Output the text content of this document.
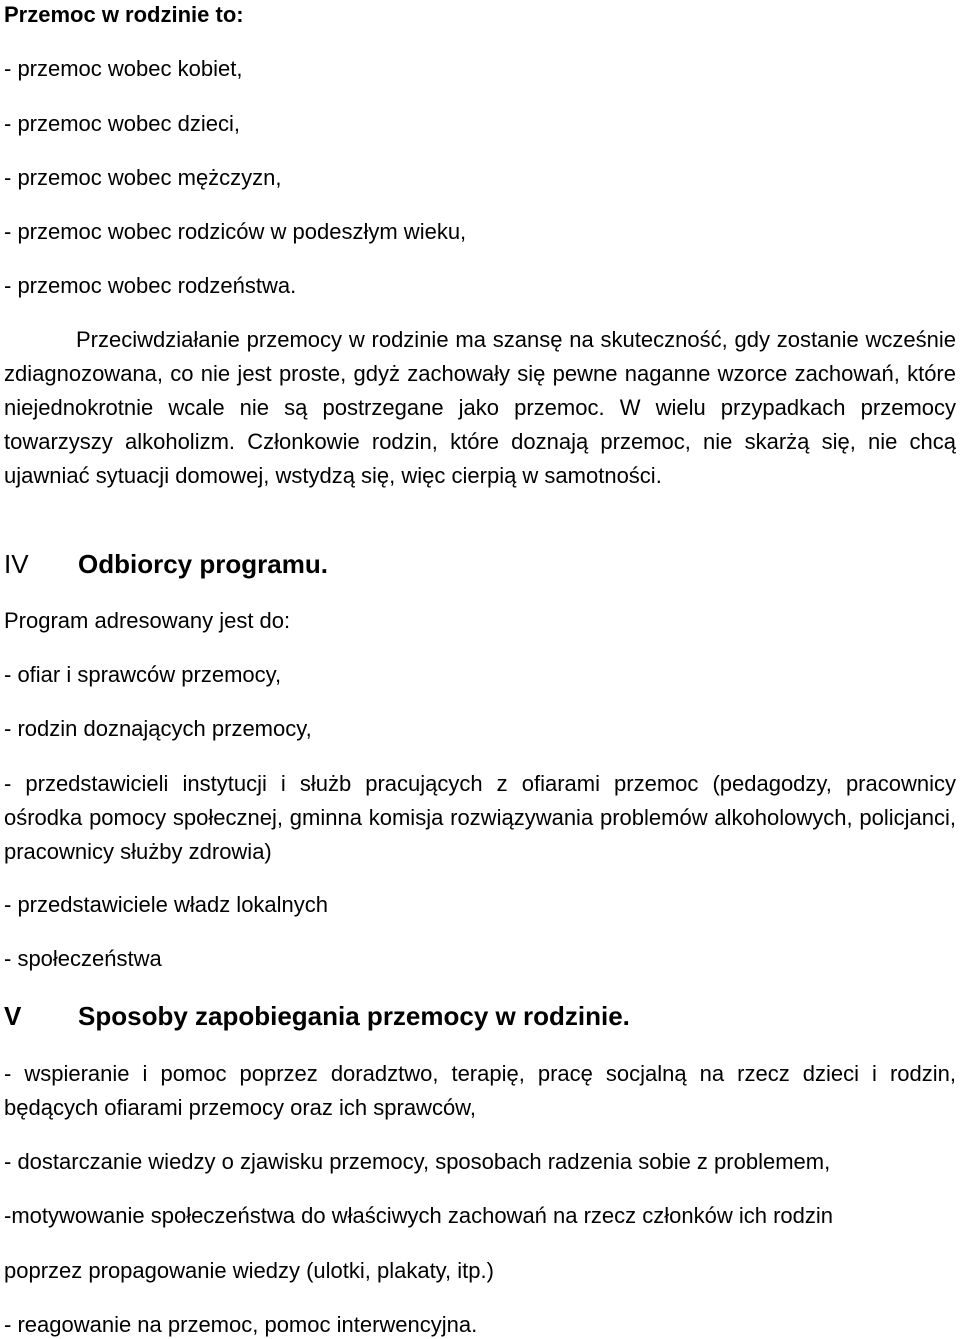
Przemoc w rodzinie to:
- przemoc wobec kobiet,
- przemoc wobec dzieci,
- przemoc wobec mężczyzn,
- przemoc wobec rodziców w podeszłym wieku,
- przemoc wobec rodzeństwa.
Przeciwdziałanie przemocy w rodzinie ma szansę na skuteczność, gdy zostanie wcześnie zdiagnozowana, co nie jest proste, gdyż zachowały się pewne naganne wzorce zachowań, które niejednokrotnie wcale nie są postrzegane jako przemoc. W wielu przypadkach przemocy towarzyszy alkoholizm. Członkowie rodzin, które doznają przemoc, nie skarżą się, nie chcą ujawniać sytuacji domowej, wstydzą się, więc cierpią w samotności.
IV Odbiorcy programu.
Program adresowany jest do:
- ofiar i sprawców przemocy,
- rodzin doznających przemocy,
- przedstawicieli instytucji i służb pracujących z ofiarami przemoc (pedagodzy, pracownicy ośrodka pomocy społecznej, gminna komisja rozwiązywania problemów alkoholowych, policjanci, pracownicy służby zdrowia)
- przedstawiciele władz lokalnych
- społeczeństwa
V Sposoby zapobiegania przemocy w rodzinie.
- wspieranie i pomoc poprzez doradztwo, terapię, pracę socjalną na rzecz dzieci i rodzin, będących ofiarami przemocy oraz ich sprawców,
- dostarczanie wiedzy o zjawisku przemocy, sposobach radzenia sobie z problemem,
-motywowanie społeczeństwa do właściwych zachowań na rzecz członków ich rodzin
poprzez propagowanie wiedzy (ulotki, plakaty, itp.)
- reagowanie na przemoc, pomoc interwencyjna.
